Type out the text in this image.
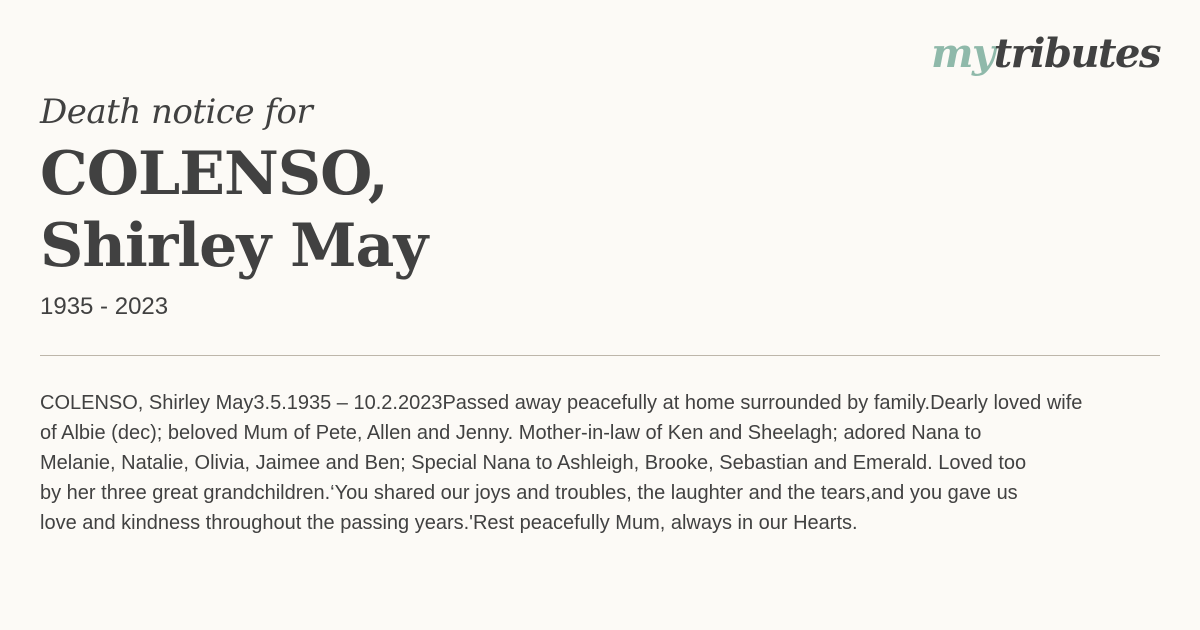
mytributes
Death notice for
COLENSO,
Shirley May

1935 - 2023

COLENSO, Shirley May3.5.1935 – 10.2.2023Passed away peacefully at home surrounded by family.Dearly loved wife
of Albie (dec); beloved Mum of Pete, Allen and Jenny. Mother-in-law of Ken and Sheelagh; adored Nana to
Melanie, Natalie, Olivia, Jaimee and Ben; Special Nana to Ashleigh, Brooke, Sebastian and Emerald. Loved too
by her three great grandchildren.‘You shared our joys and troubles, the laughter and the tears,and you gave us
love and kindness throughout the passing years.'Rest peacefully Mum, always in our Hearts.
